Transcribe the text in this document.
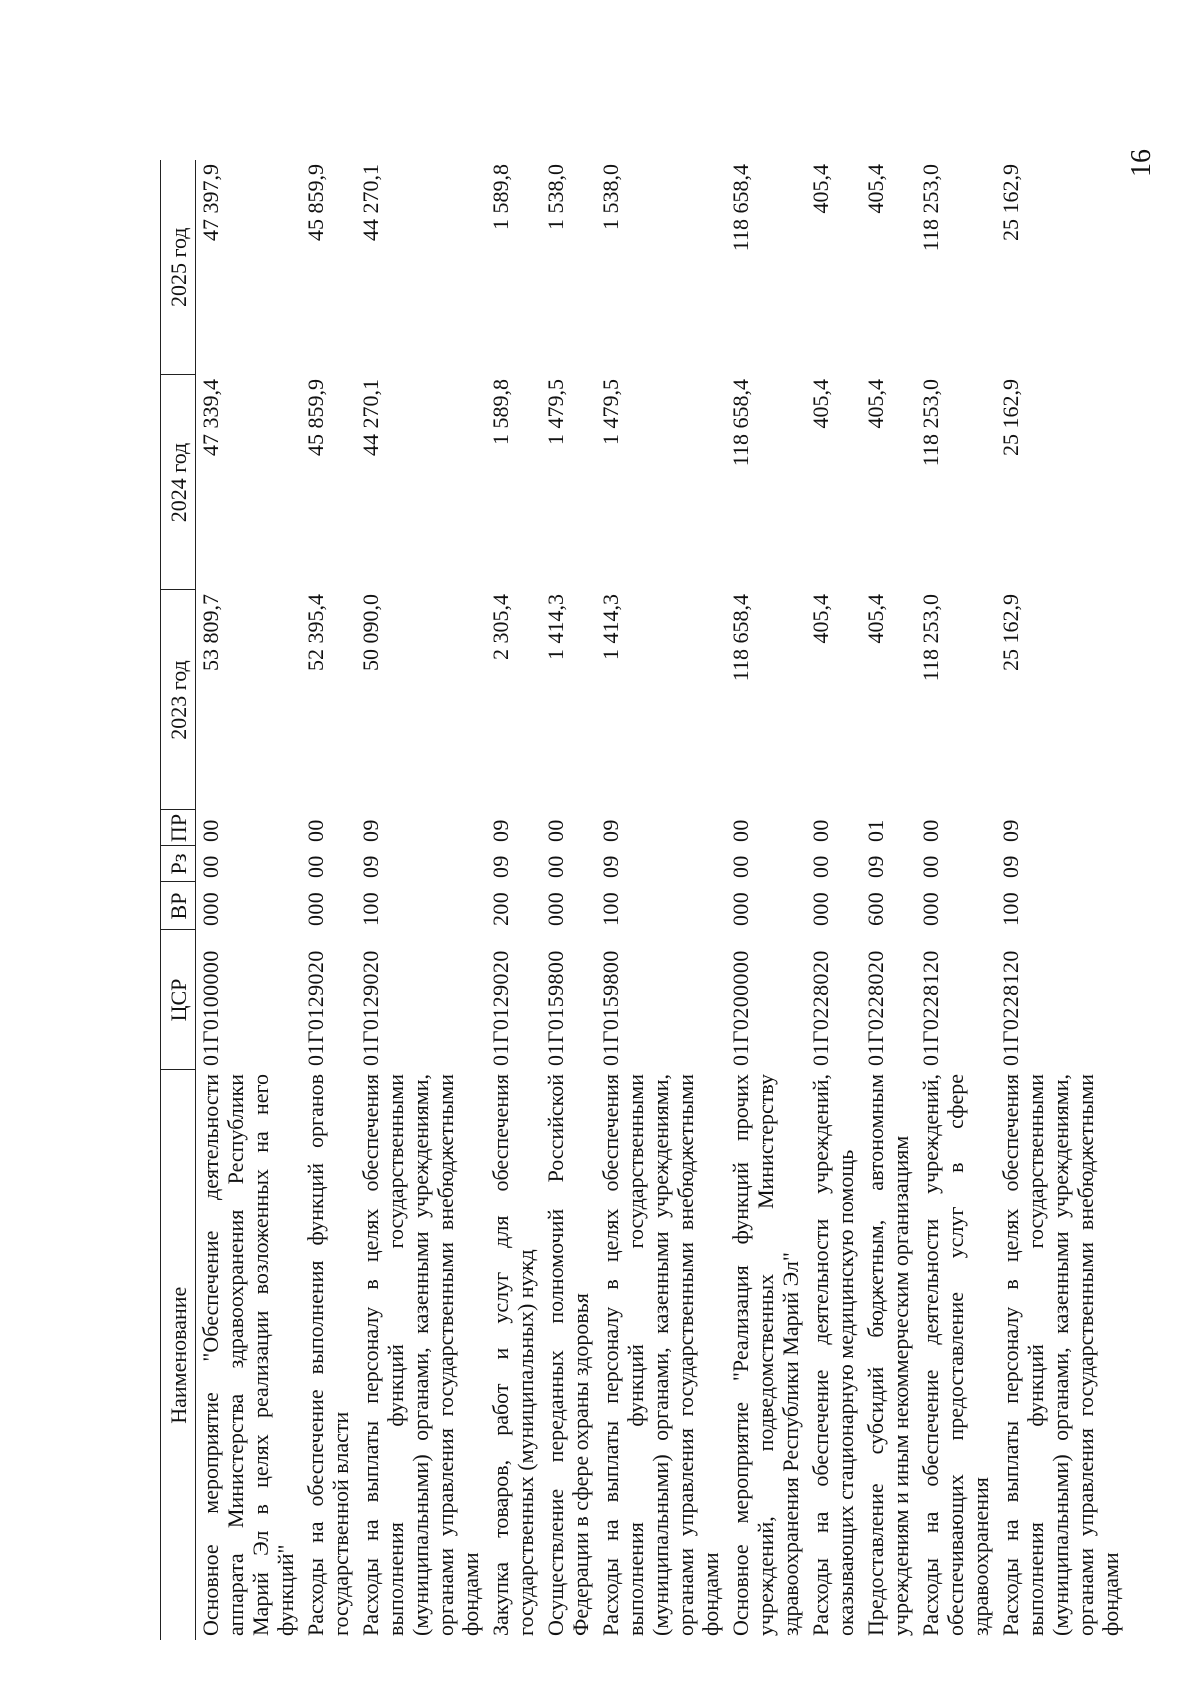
16
Наименование	ЦСР	ВР	Рз	ПР	2023 год	2024 год	2025 год
Основное мероприятие "Обеспечение деятельности аппарата Министерства здравоохранения Республики Марий Эл в целях реализации возложенных на него функций"	01Г0100000	000	00	00	53 809,7	47 339,4	47 397,9
Расходы на обеспечение выполнения функций органов государственной власти	01Г0129020	000	00	00	52 395,4	45 859,9	45 859,9
Расходы на выплаты персоналу в целях обеспечения выполнения функций государственными (муниципальными) органами, казенными учреждениями, органами управления государственными внебюджетными фондами	01Г0129020	100	09	09	50 090,0	44 270,1	44 270,1
Закупка товаров, работ и услуг для обеспечения государственных (муниципальных) нужд	01Г0129020	200	09	09	2 305,4	1 589,8	1 589,8
Осуществление переданных полномочий Российской Федерации в сфере охраны здоровья	01Г0159800	000	00	00	1 414,3	1 479,5	1 538,0
Расходы на выплаты персоналу в целях обеспечения выполнения функций государственными (муниципальными) органами, казенными учреждениями, органами управления государственными внебюджетными фондами	01Г0159800	100	09	09	1 414,3	1 479,5	1 538,0
Основное мероприятие "Реализация функций прочих учреждений, подведомственных Министерству здравоохранения Республики Марий Эл"	01Г0200000	000	00	00	118 658,4	118 658,4	118 658,4
Расходы на обеспечение деятельности учреждений, оказывающих стационарную медицинскую помощь	01Г0228020	000	00	00	405,4	405,4	405,4
Предоставление субсидий бюджетным, автономным учреждениям и иным некоммерческим организациям	01Г0228020	600	09	01	405,4	405,4	405,4
Расходы на обеспечение деятельности учреждений, обеспечивающих предоставление услуг в сфере здравоохранения	01Г0228120	000	00	00	118 253,0	118 253,0	118 253,0
Расходы на выплаты персоналу в целях обеспечения выполнения функций государственными (муниципальными) органами, казенными учреждениями, органами управления государственными внебюджетными фондами	01Г0228120	100	09	09	25 162,9	25 162,9	25 162,9
